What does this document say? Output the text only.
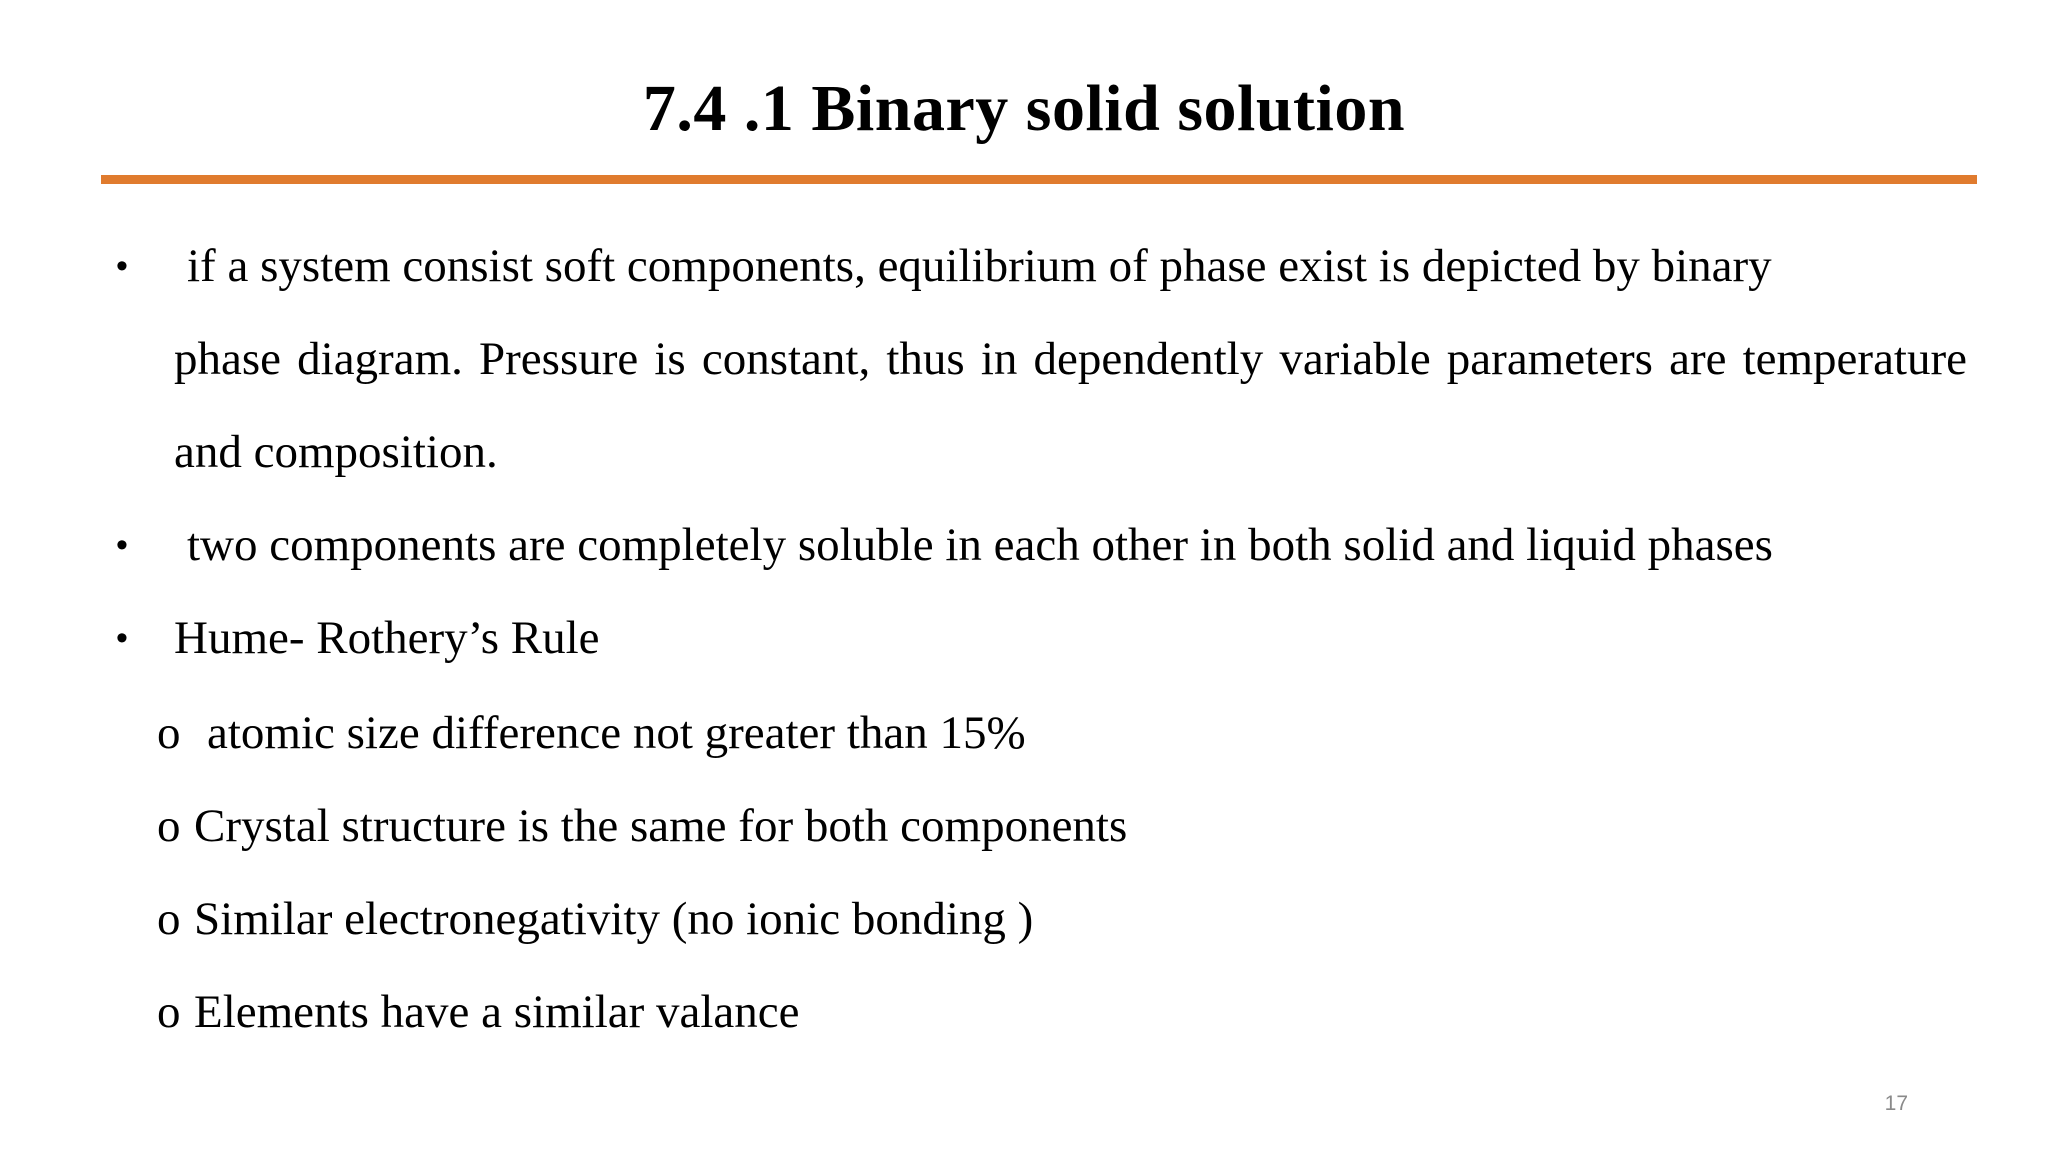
7.4 .1 Binary solid solution
• if a system consist soft components, equilibrium of phase exist is depicted by binary
phase diagram. Pressure is constant, thus in dependently variable parameters are temperature and composition.
• two components are completely soluble in each other in both solid and liquid phases
• Hume- Rothery’s Rule
o atomic size difference not greater than 15%
o Crystal structure is the same for both components
o Similar electronegativity (no ionic bonding )
o Elements have a similar valance
17
